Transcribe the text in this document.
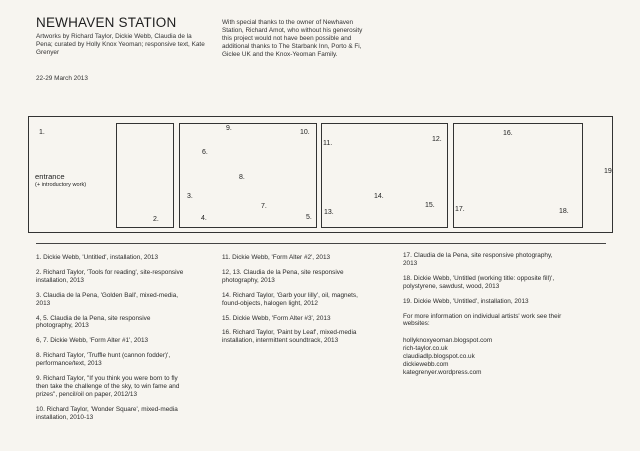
NEWHAVEN STATION
Artworks by Richard Taylor, Dickie Webb, Claudia de la Pena; curated by Holly Knox Yeoman; responsive text, Kate Grenyer
22-29 March 2013
With special thanks to the owner of Newhaven Station, Richard Amot, who without his generosity this project would not have been possible and additional thanks to The Starbank Inn, Porto & Fi, Giclee UK and the Knox-Yeoman Family.
1.
entrance
(+ introductory work)
2.
9.
10.
6.
8.
3.
7.
4.	5.
11.
12.
14.
15.
13.
16.
17.	18.
19.
1. Dickie Webb, 'Untitled', installation, 2013
2. Richard Taylor, 'Tools for reading', site-responsive installation, 2013
3. Claudia de la Pena, 'Golden Ball', mixed-media, 2013
4, 5. Claudia de la Pena, site responsive photography, 2013
6, 7. Dickie Webb, 'Form Alter #1', 2013
8. Richard Taylor, 'Truffle hunt (cannon fodder)', performance/text, 2013
9. Richard Taylor, "If you think you were born to fly then take the challenge of the sky, to win fame and prizes", pencil/oil on paper, 2012/13
10. Richard Taylor, 'Wonder Square', mixed-media installation, 2010-13
11. Dickie Webb, 'Form Alter #2', 2013
12, 13. Claudia de la Pena, site responsive photography, 2013
14. Richard Taylor, 'Garb your lilly', oil, magnets, found-objects, halogen light, 2012
15. Dickie Webb, 'Form Alter #3', 2013
16. Richard Taylor, 'Paint by Leaf', mixed-media installation, intermittent soundtrack, 2013
17. Claudia de la Pena, site responsive photography, 2013
18. Dickie Webb, 'Untitled (working title: opposite fill)', polystyrene, sawdust, wood, 2013
19. Dickie Webb, 'Untitled', installation, 2013
For more information on individual artists' work see their websites:
hollyknoxyeoman.blogspot.com
rich-taylor.co.uk
claudiadlp.blogspot.co.uk
dickiewebb.com
kategrenyer.wordpress.com
